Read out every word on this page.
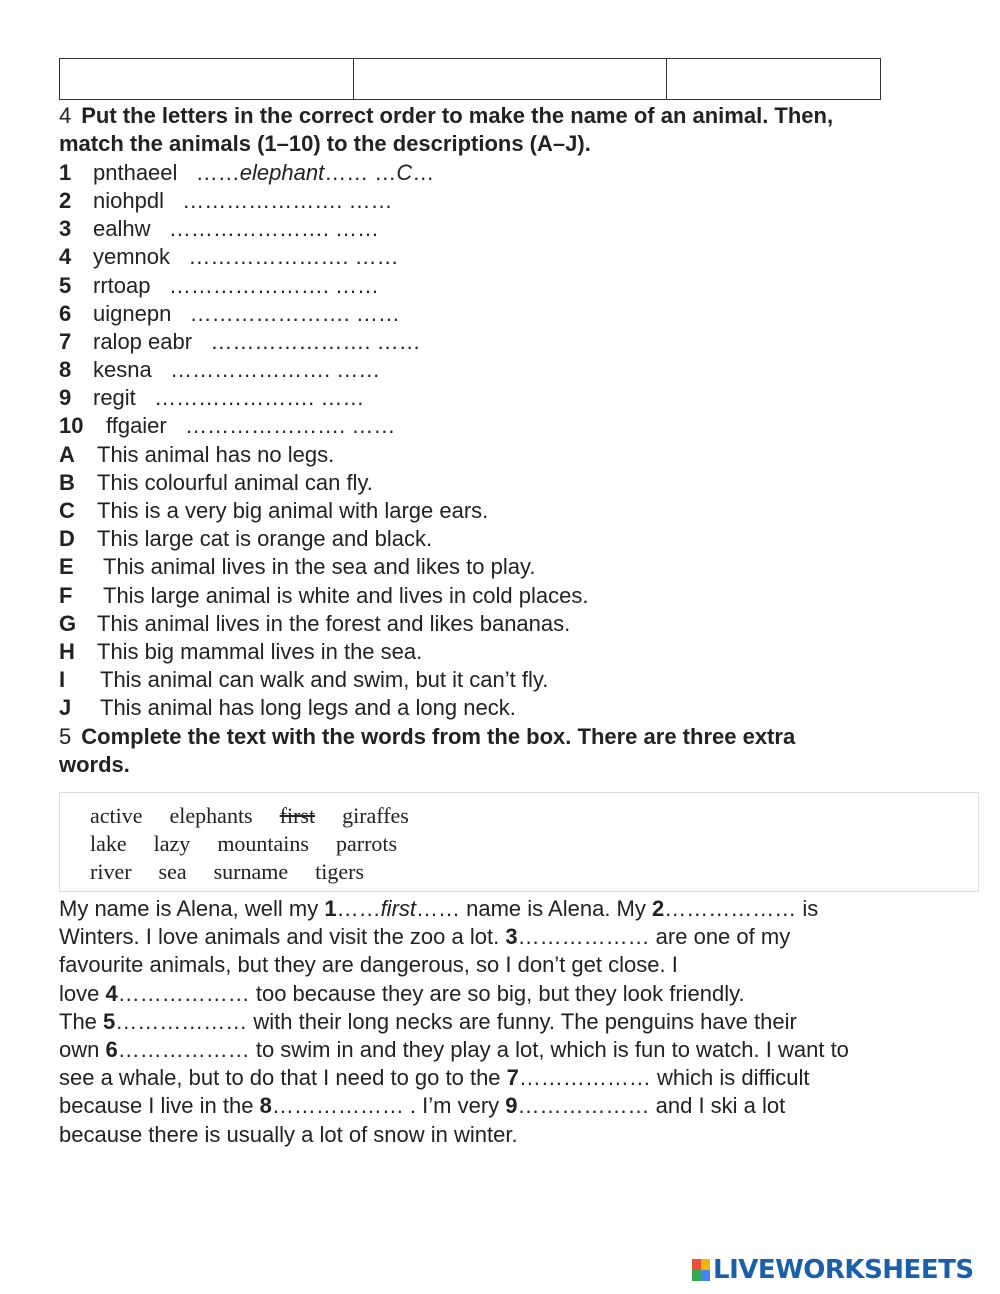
4 Put the letters in the correct order to make the name of an animal. Then,
match the animals (1–10) to the descriptions (A–J).
1 pnthaeel ……elephant…… …C…
2 niohpdl …………………. ……
3 ealhw …………………. ……
4 yemnok …………………. ……
5 rrtoap …………………. ……
6 uignepn …………………. ……
7 ralop eabr …………………. ……
8 kesna …………………. ……
9 regit …………………. ……
10 ffgaier …………………. ……
A This animal has no legs.
B This colourful animal can fly.
C This is a very big animal with large ears.
D This large cat is orange and black.
E This animal lives in the sea and likes to play.
F This large animal is white and lives in cold places.
G This animal lives in the forest and likes bananas.
H This big mammal lives in the sea.
I This animal can walk and swim, but it can’t fly.
J This animal has long legs and a long neck.
5 Complete the text with the words from the box. There are three extra
words.
active elephants first giraffes
lake lazy mountains parrots
river sea surname tigers

My name is Alena, well my 1……first…… name is Alena. My 2……………… is

Winters. I love animals and visit the zoo a lot. 3……………… are one of my

favourite animals, but they are dangerous, so I don’t get close. I

love 4……………… too because they are so big, but they look friendly.

The 5……………… with their long necks are funny. The penguins have their

own 6……………… to swim in and they play a lot, which is fun to watch. I want to

see a whale, but to do that I need to go to the 7……………… which is difficult

because I live in the 8……………… . I’m very 9……………… and I ski a lot

because there is usually a lot of snow in winter.

LIVEWORKSHEETS
